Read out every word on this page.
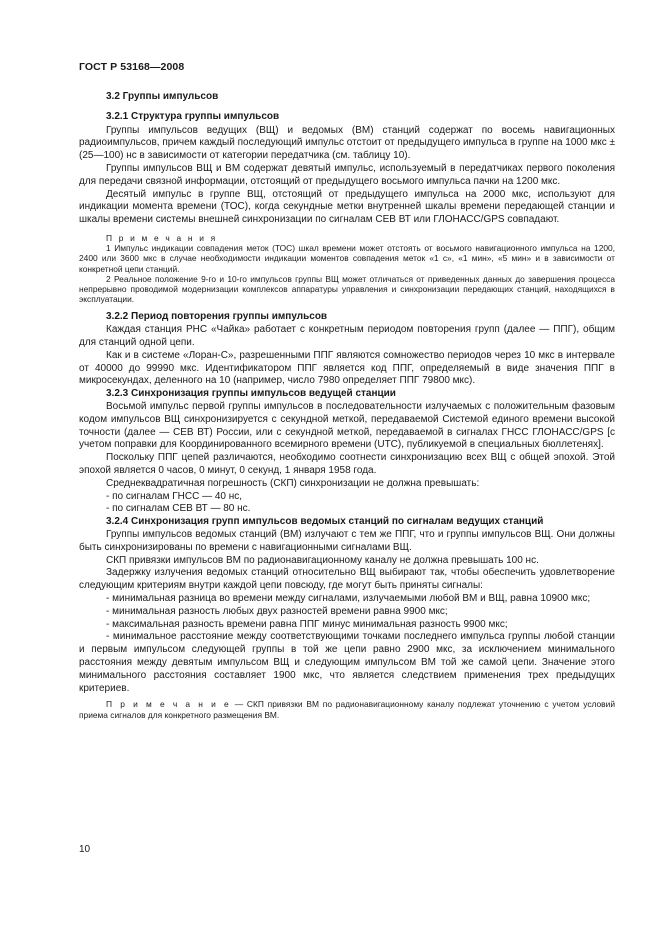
ГОСТ Р 53168—2008

3.2 Группы импульсов

3.2.1 Структура группы импульсов

Группы импульсов ведущих (ВЩ) и ведомых (ВМ) станций содержат по восемь навигационных радиоимпульсов, причем каждый последующий импульс отстоит от предыдущего импульса в группе на 1000 мкс ± (25—100) нс в зависимости от категории передатчика (см. таблицу 10).

Группы импульсов ВЩ и ВМ содержат девятый импульс, используемый в передатчиках первого поколения для передачи связной информации, отстоящий от предыдущего восьмого импульса пачки на 1200 мкс.

Десятый импульс в группе ВЩ, отстоящий от предыдущего импульса на 2000 мкс, используют для индикации момента времени (ТОС), когда секундные метки внутренней шкалы времени передающей станции и шкалы времени системы внешней синхронизации по сигналам СЕВ ВТ или ГЛОНАСС/GPS совпадают.

П р и м е ч а н и я

1 Импульс индикации совпадения меток (ТОС) шкал времени может отстоять от восьмого навигационного импульса на 1200, 2400 или 3600 мкс в случае необходимости индикации моментов совпадения меток «1 с», «1 мин», «5 мин» и в зависимости от конкретной цепи станций.

2 Реальное положение 9-го и 10-го импульсов группы ВЩ может отличаться от приведенных данных до завершения процесса непрерывно проводимой модернизации комплексов аппаратуры управления и синхронизации передающих станций, находящихся в эксплуатации.

3.2.2 Период повторения группы импульсов

Каждая станция РНС «Чайка» работает с конкретным периодом повторения групп (далее — ППГ), общим для станций одной цепи.

Как и в системе «Лоран-С», разрешенными ППГ являются сомножество периодов через 10 мкс в интервале от 40000 до 99990 мкс. Идентификатором ППГ является код ППГ, определяемый в виде значения ППГ в микросекундах, деленного на 10 (например, число 7980 определяет ППГ 79800 мкс).

3.2.3 Синхронизация группы импульсов ведущей станции

Восьмой импульс первой группы импульсов в последовательности излучаемых с положительным фазовым кодом импульсов ВЩ синхронизируется с секундной меткой, передаваемой Системой единого времени высокой точности (далее — СЕВ ВТ) России, или с секундной меткой, передаваемой в сигналах ГНСС ГЛОНАСС/GPS [с учетом поправки для Координированного всемирного времени (UTC), публикуемой в специальных бюллетенях].

Поскольку ППГ цепей различаются, необходимо соотнести синхронизацию всех ВЩ с общей эпохой. Этой эпохой является 0 часов, 0 минут, 0 секунд, 1 января 1958 года.

Среднеквадратичная погрешность (СКП) синхронизации не должна превышать:

- по сигналам ГНСС — 40 нс,

- по сигналам СЕВ ВТ — 80 нс.

3.2.4 Синхронизация групп импульсов ведомых станций по сигналам ведущих станций

Группы импульсов ведомых станций (ВМ) излучают с тем же ППГ, что и группы импульсов ВЩ. Они должны быть синхронизированы по времени с навигационными сигналами ВЩ.

СКП привязки импульсов ВМ по радионавигационному каналу не должна превышать 100 нс.

Задержку излучения ведомых станций относительно ВЩ выбирают так, чтобы обеспечить удовлетворение следующим критериям внутри каждой цепи повсюду, где могут быть приняты сигналы:

- минимальная разница во времени между сигналами, излучаемыми любой ВМ и ВЩ, равна 10900 мкс;

- минимальная разность любых двух разностей времени равна 9900 мкс;

- максимальная разность времени равна ППГ минус минимальная разность 9900 мкс;

- минимальное расстояние между соответствующими точками последнего импульса группы любой станции и первым импульсом следующей группы в той же цепи равно 2900 мкс, за исключением минимального расстояния между девятым импульсом ВЩ и следующим импульсом ВМ той же самой цепи. Значение этого минимального расстояния составляет 1900 мкс, что является следствием применения трех предыдущих критериев.

П р и м е ч а н и е — СКП привязки ВМ по радионавигационному каналу подлежат уточнению с учетом условий приема сигналов для конкретного размещения ВМ.

10
